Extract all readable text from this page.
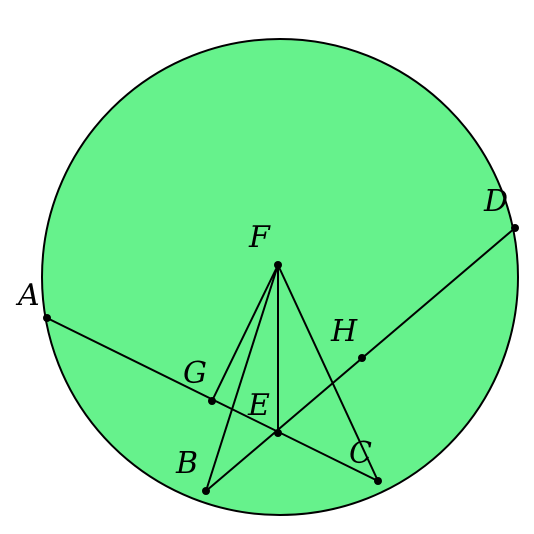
A
B	C
D
E
F
G
H
